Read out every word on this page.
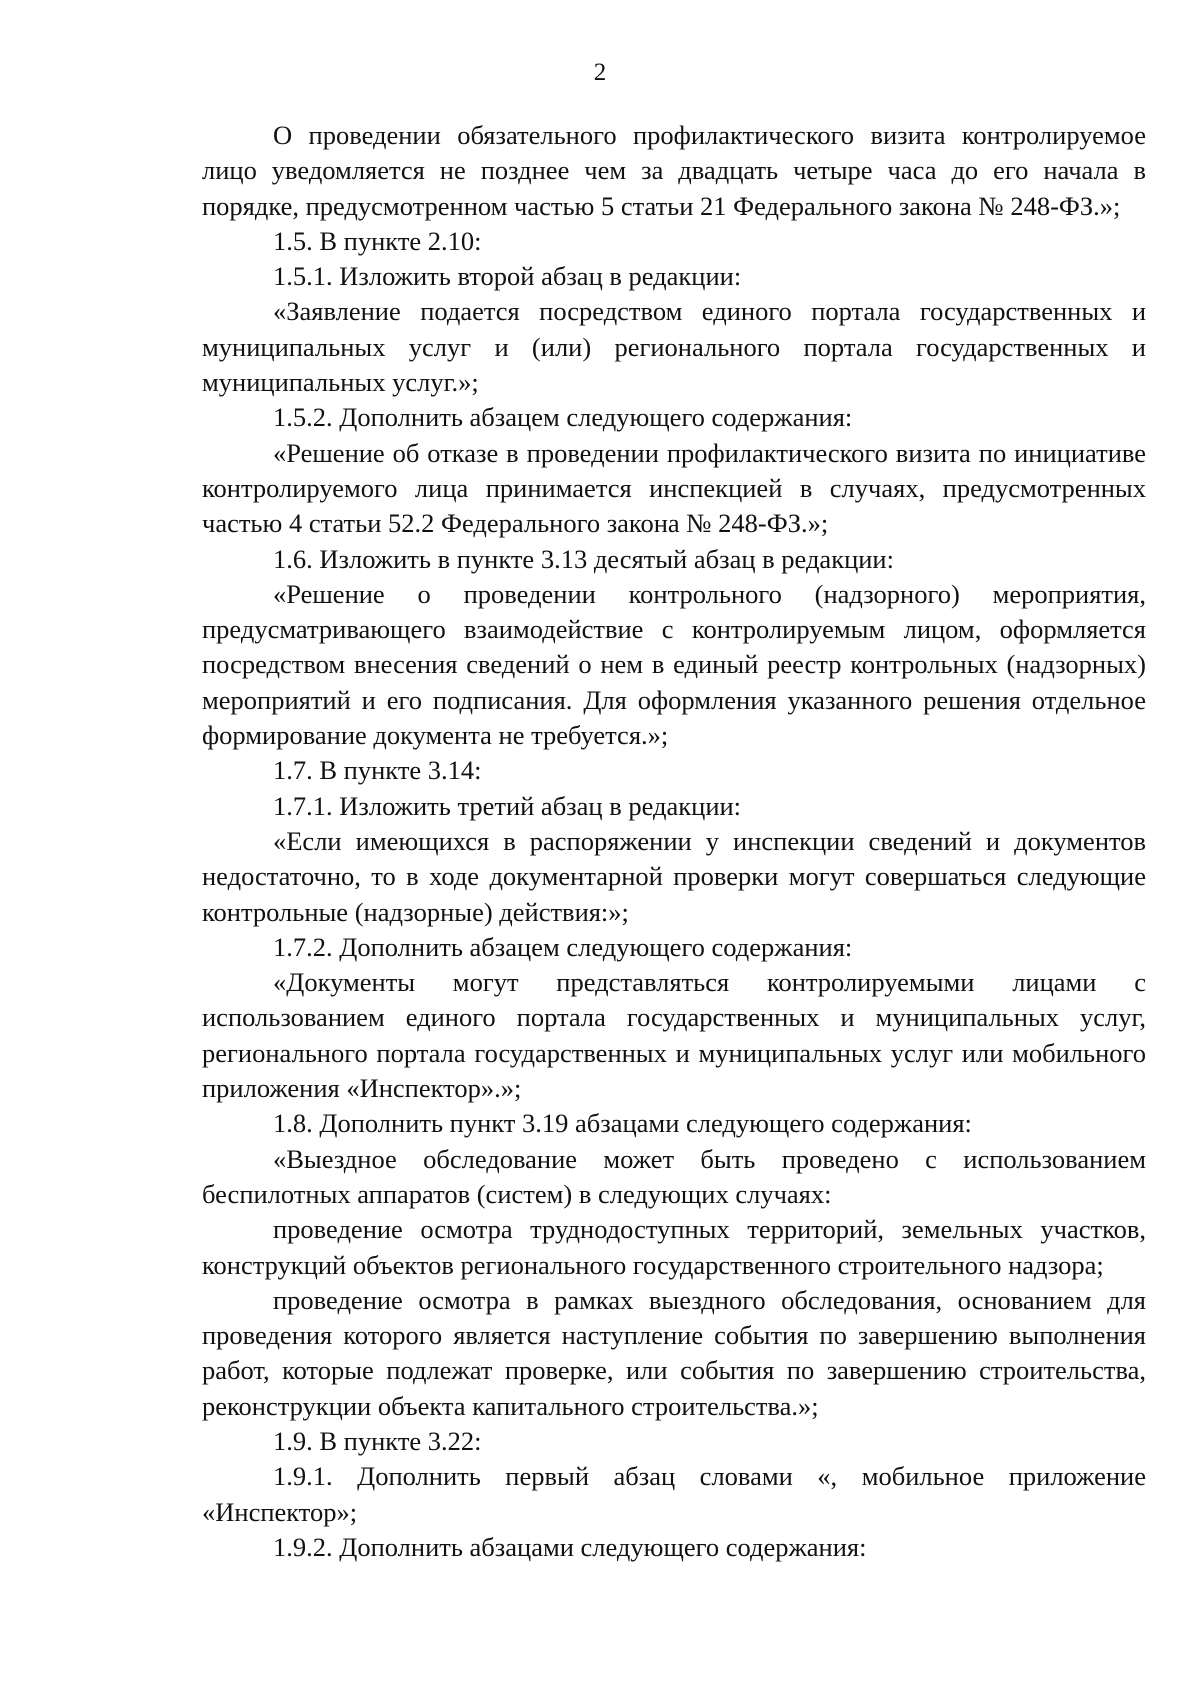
2

О проведении обязательного профилактического визита контролируемое лицо уведомляется не позднее чем за двадцать четыре часа до его начала в порядке, предусмотренном частью 5 статьи 21 Федерального закона № 248-ФЗ.»;

1.5. В пункте 2.10:

1.5.1. Изложить второй абзац в редакции:

«Заявление подается посредством единого портала государственных и муниципальных услуг и (или) регионального портала государственных и муниципальных услуг.»;

1.5.2. Дополнить абзацем следующего содержания:

«Решение об отказе в проведении профилактического визита по инициативе контролируемого лица принимается инспекцией в случаях, предусмотренных частью 4 статьи 52.2 Федерального закона № 248-ФЗ.»;

1.6. Изложить в пункте 3.13 десятый абзац в редакции:

«Решение о проведении контрольного (надзорного) мероприятия, предусматривающего взаимодействие с контролируемым лицом, оформляется посредством внесения сведений о нем в единый реестр контрольных (надзорных) мероприятий и его подписания. Для оформления указанного решения отдельное формирование документа не требуется.»;

1.7. В пункте 3.14:

1.7.1. Изложить третий абзац в редакции:

«Если имеющихся в распоряжении у инспекции сведений и документов недостаточно, то в ходе документарной проверки могут совершаться следующие контрольные (надзорные) действия:»;

1.7.2. Дополнить абзацем следующего содержания:

«Документы могут представляться контролируемыми лицами с использованием единого портала государственных и муниципальных услуг, регионального портала государственных и муниципальных услуг или мобильного приложения «Инспектор».»;

1.8. Дополнить пункт 3.19 абзацами следующего содержания:

«Выездное обследование может быть проведено с использованием беспилотных аппаратов (систем) в следующих случаях:

проведение осмотра труднодоступных территорий, земельных участков, конструкций объектов регионального государственного строительного надзора;

проведение осмотра в рамках выездного обследования, основанием для проведения которого является наступление события по завершению выполнения работ, которые подлежат проверке, или события по завершению строительства, реконструкции объекта капитального строительства.»;

1.9. В пункте 3.22:

1.9.1. Дополнить первый абзац словами «, мобильное приложение «Инспектор»;

1.9.2. Дополнить абзацами следующего содержания:
